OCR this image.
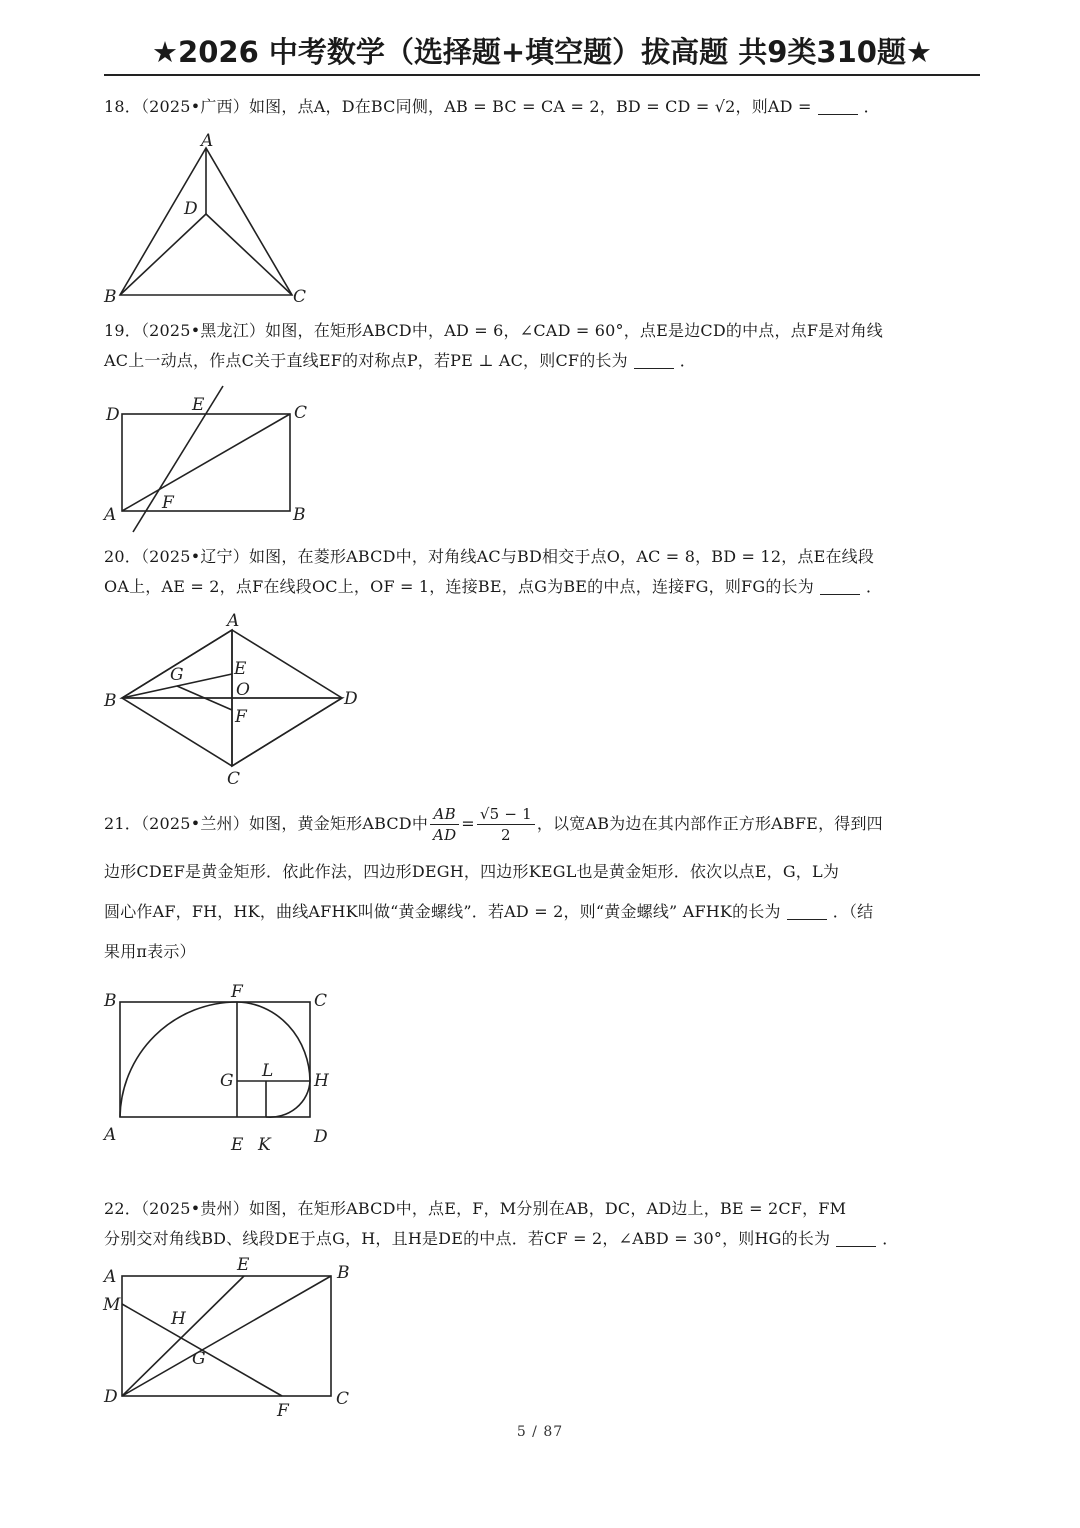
★2026 中考数学（选择题+填空题）拔高题 共9类310题★
18．（2025•广西）如图，点A，D在BC同侧，AB = BC = CA = 2，BD = CD = √2，则AD =	．
A
D
B	C
19．（2025•黑龙江）如图，在矩形ABCD中，AD = 6，∠CAD = 60°，点E是边CD的中点，点F是对角线
AC上一动点，作点C关于直线EF的对称点P，若PE ⊥ AC，则CF的长为	．
D	E	C
A
F
B
20．（2025•辽宁）如图，在菱形ABCD中，对角线AC与BD相交于点O，AC = 8，BD = 12，点E在线段
OA上，AE = 2，点F在线段OC上，OF = 1，连接BE，点G为BE的中点，连接FG，则FG的长为	．
A
G	E
O
B	D
F
C
21．（2025•兰州）如图，黄金矩形ABCD中 $\frac{AB}{AD} = \frac{√5 - 1}{2}$ ，以宽AB为边在其内部作正方形ABFE，得到四
边形CDEF是黄金矩形．依此作法，四边形DEGH，四边形KEGL也是黄金矩形．依次以点E，G，L为
圆心作AF，FH，HK，曲线AFHK叫做“黄金螺线”．若AD = 2，则“黄金螺线” AFHK的长为	．（结
果用π表示）
B	F	C
G L H
A	E K	D
22．（2025•贵州）如图，在矩形ABCD中，点E，F，M分别在AB，DC，AD边上，BE = 2CF，FM
分别交对角线BD、线段DE于点G，H，且H是DE的中点．若CF = 2，∠ABD = 30°，则HG的长为	．
A
E	B
M
H
G
D
F
C
5 / 87
